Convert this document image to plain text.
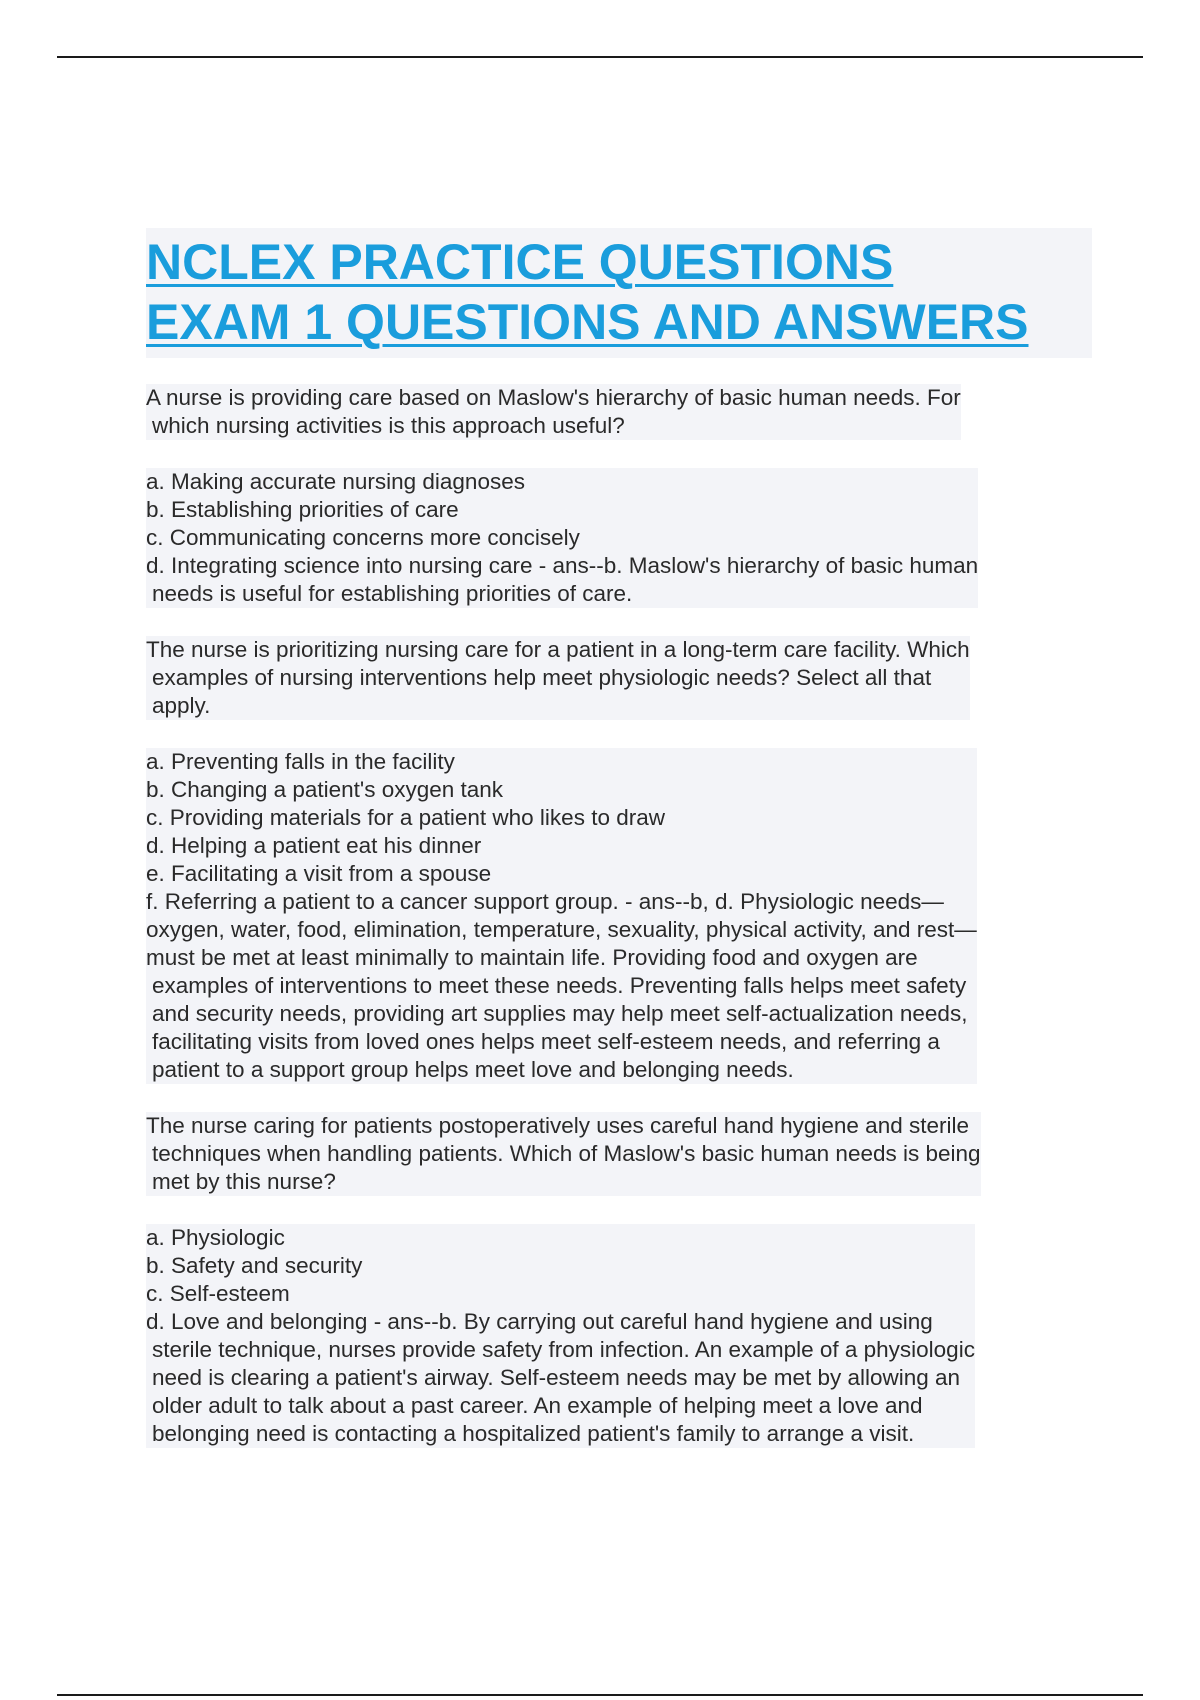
NCLEX PRACTICE QUESTIONS
EXAM 1 QUESTIONS AND ANSWERS
A nurse is providing care based on Maslow's hierarchy of basic human needs. For
which nursing activities is this approach useful?

a. Making accurate nursing diagnoses
b. Establishing priorities of care
c. Communicating concerns more concisely
d. Integrating science into nursing care - ans--b. Maslow's hierarchy of basic human
needs is useful for establishing priorities of care.
The nurse is prioritizing nursing care for a patient in a long-term care facility. Which
examples of nursing interventions help meet physiologic needs? Select all that
apply.

a. Preventing falls in the facility
b. Changing a patient's oxygen tank
c. Providing materials for a patient who likes to draw
d. Helping a patient eat his dinner
e. Facilitating a visit from a spouse
f. Referring a patient to a cancer support group. - ans--b, d. Physiologic needs—
oxygen, water, food, elimination, temperature, sexuality, physical activity, and rest—
must be met at least minimally to maintain life. Providing food and oxygen are
examples of interventions to meet these needs. Preventing falls helps meet safety
and security needs, providing art supplies may help meet self-actualization needs,
facilitating visits from loved ones helps meet self-esteem needs, and referring a
patient to a support group helps meet love and belonging needs.
The nurse caring for patients postoperatively uses careful hand hygiene and sterile
techniques when handling patients. Which of Maslow's basic human needs is being
met by this nurse?

a. Physiologic
b. Safety and security
c. Self-esteem
d. Love and belonging - ans--b. By carrying out careful hand hygiene and using
sterile technique, nurses provide safety from infection. An example of a physiologic
need is clearing a patient's airway. Self-esteem needs may be met by allowing an
older adult to talk about a past career. An example of helping meet a love and
belonging need is contacting a hospitalized patient's family to arrange a visit.
